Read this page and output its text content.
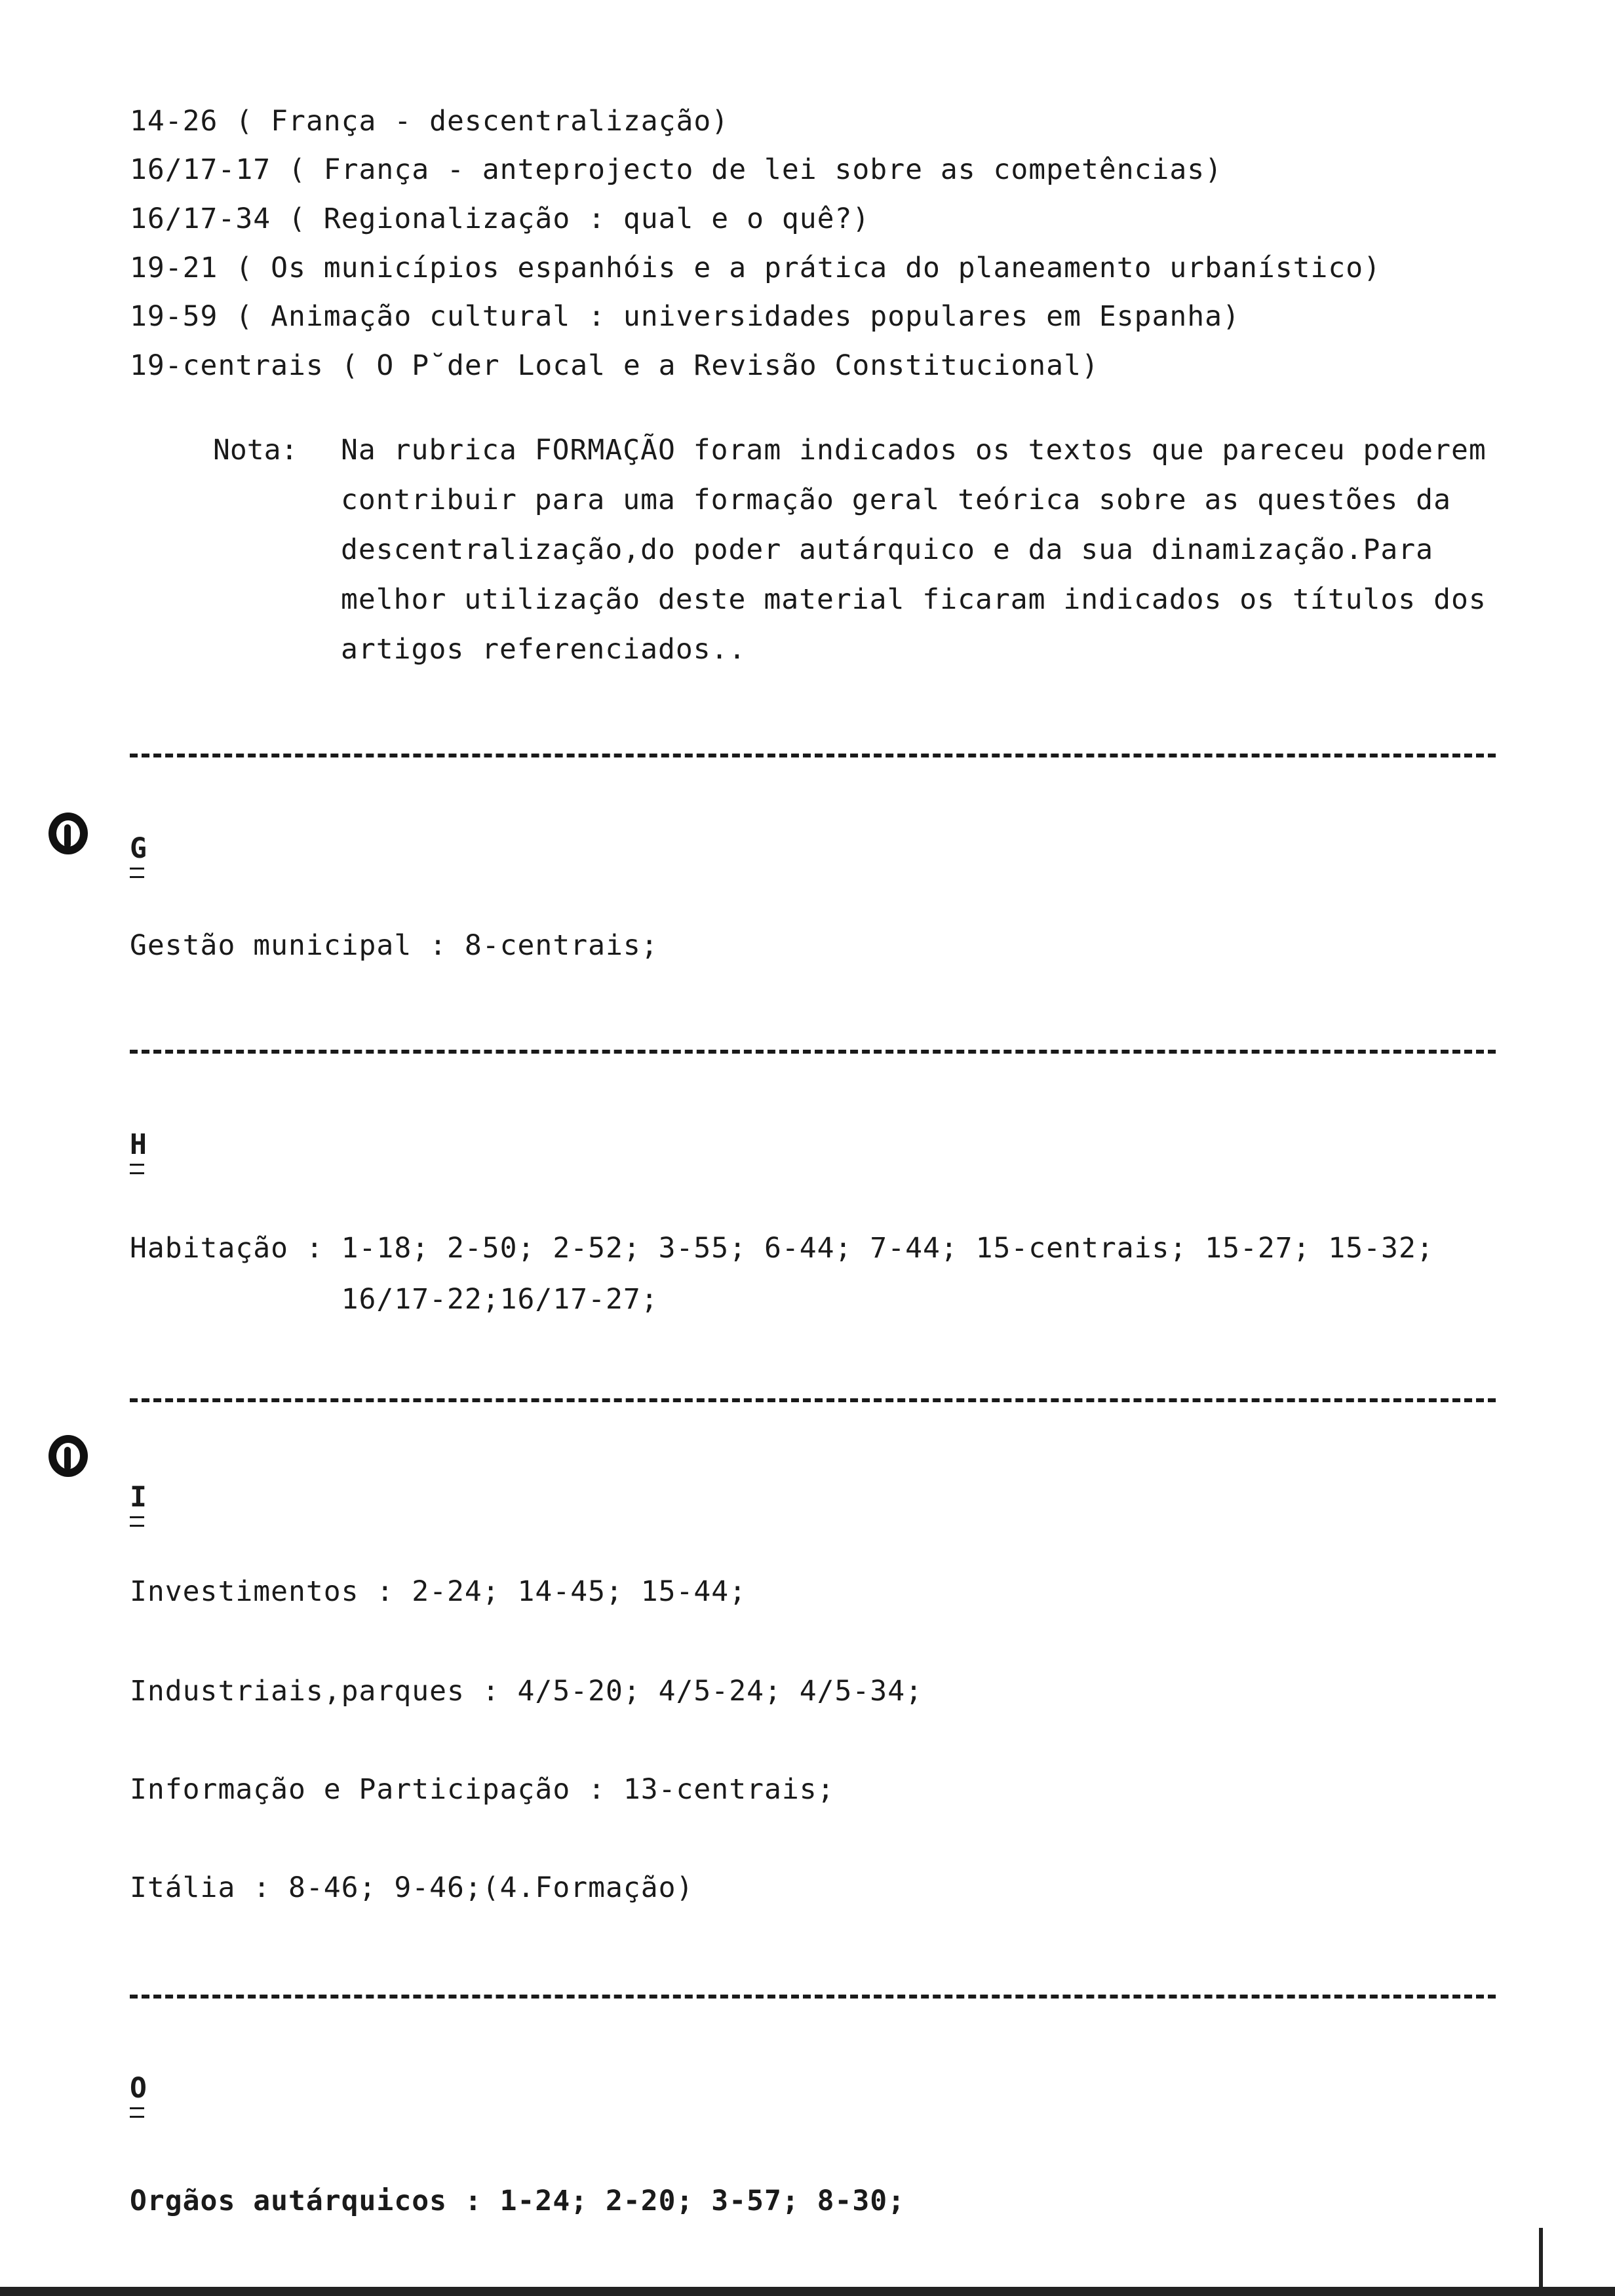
14-26 ( França - descentralização)
16/17-17 ( França - anteprojecto de lei sobre as competências)
16/17-34 ( Regionalização : qual e o quê?)
19-21 ( Os municípios espanhóis e a prática do planeamento urbanístico)
19-59 ( Animação cultural : universidades populares em Espanha)
19-centrais ( O P˘der Local e a Revisão Constitucional)
Nota: Na rubrica FORMAÇÃO foram indicados os textos que pareceu poderem
contribuir para uma formação geral teórica sobre as questões da
descentralização,do poder autárquico e da sua dinamização.Para
melhor utilização deste material ficaram indicados os títulos dos
artigos referenciados..
G
Gestão municipal : 8-centrais;
H
Habitação : 1-18; 2-50; 2-52; 3-55; 6-44; 7-44; 15-centrais; 15-27; 15-32;
16/17-22;16/17-27;
I
Investimentos : 2-24; 14-45; 15-44;
Industriais,parques : 4/5-20; 4/5-24; 4/5-34;
Informação e Participação : 13-centrais;
Itália : 8-46; 9-46;(4.Formação)
O
Orgãos autárquicos : 1-24; 2-20; 3-57; 8-30;
